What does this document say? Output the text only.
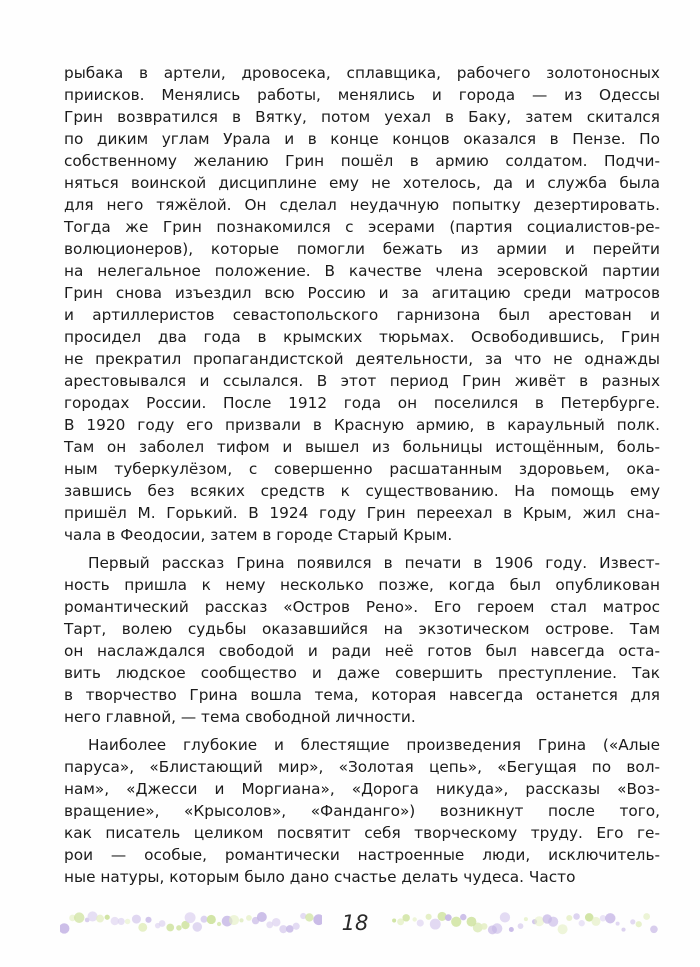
рыбака в артели, дровосека, сплавщика, рабочего золотоносных
приисков. Менялись работы, менялись и города — из Одессы
Грин возвратился в Вятку, потом уехал в Баку, затем скитался
по диким углам Урала и в конце концов оказался в Пензе. По
собственному желанию Грин пошёл в армию солдатом. Подчи-
няться воинской дисциплине ему не хотелось, да и служба была
для него тяжёлой. Он сделал неудачную попытку дезертировать.
Тогда же Грин познакомился с эсерами (партия социалистов-ре-
волюционеров), которые помогли бежать из армии и перейти
на нелегальное положение. В качестве члена эсеровской партии
Грин снова изъездил всю Россию и за агитацию среди матросов
и артиллеристов севастопольского гарнизона был арестован и
просидел два года в крымских тюрьмах. Освободившись, Грин
не прекратил пропагандистской деятельности, за что не однажды
арестовывался и ссылался. В этот период Грин живёт в разных
городах России. После 1912 года он поселился в Петербурге.
В 1920 году его призвали в Красную армию, в караульный полк.
Там он заболел тифом и вышел из больницы истощённым, боль-
ным туберкулёзом, с совершенно расшатанным здоровьем, ока-
завшись без всяких средств к существованию. На помощь ему
пришёл М. Горький. В 1924 году Грин переехал в Крым, жил сна-
чала в Феодосии, затем в городе Старый Крым.
Первый рассказ Грина появился в печати в 1906 году. Извест-
ность пришла к нему несколько позже, когда был опубликован
романтический рассказ «Остров Рено». Его героем стал матрос
Тарт, волею судьбы оказавшийся на экзотическом острове. Там
он наслаждался свободой и ради неё готов был навсегда оста-
вить людское сообщество и даже совершить преступление. Так
в творчество Грина вошла тема, которая навсегда останется для
него главной, — тема свободной личности.
Наиболее глубокие и блестящие произведения Грина («Алые
паруса», «Блистающий мир», «Золотая цепь», «Бегущая по вол-
нам», «Джесси и Моргиана», «Дорога никуда», рассказы «Воз-
вращение», «Крысолов», «Фанданго») возникнут после того,
как писатель целиком посвятит себя творческому труду. Его ге-
рои — особые, романтически настроенные люди, исключитель-
ные натуры, которым было дано счастье делать чудеса. Часто
18
